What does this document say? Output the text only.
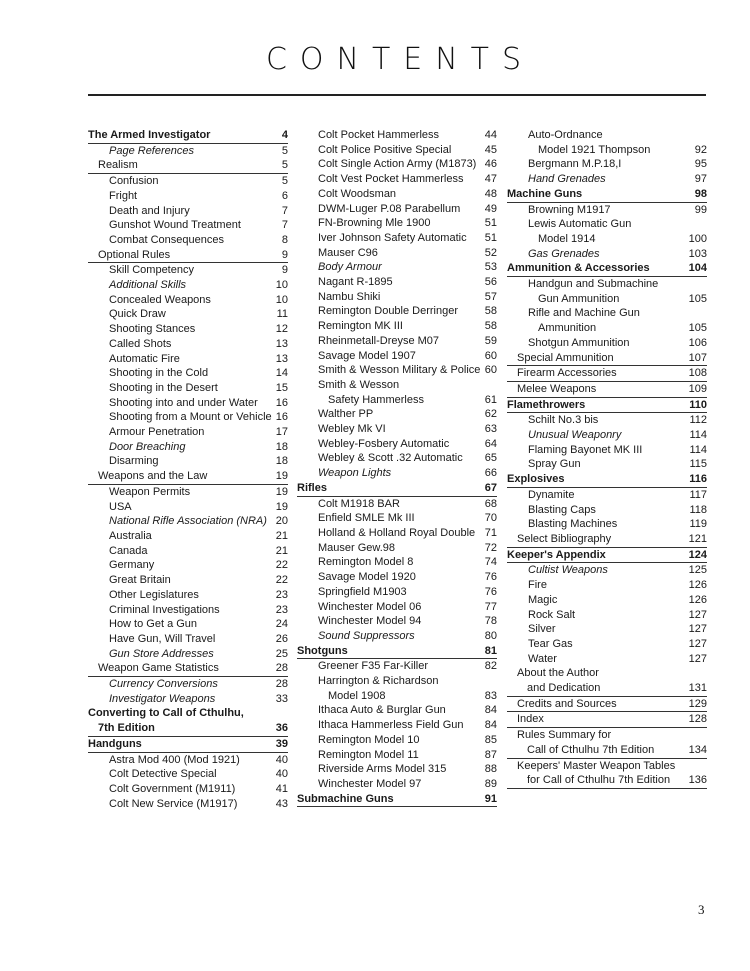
CONTENTS
The Armed Investigator	4
Page References	5
Realism	5
Confusion	5
Fright	6
Death and Injury	7
Gunshot Wound Treatment	7
Combat Consequences	8
Optional Rules	9
Skill Competency	9
Additional Skills	10
Concealed Weapons	10
Quick Draw	11
Shooting Stances	12
Called Shots	13
Automatic Fire	13
Shooting in the Cold	14
Shooting in the Desert	15
Shooting into and under Water	16
Shooting from a Mount or Vehicle 16
Armour Penetration	17
Door Breaching	18
Disarming	18
Weapons and the Law	19
Weapon Permits	19
USA	19
National Rifle Association (NRA) 20
Australia	21
Canada	21
Germany	22
Great Britain	22
Other Legislatures	23
Criminal Investigations	23
How to Get a Gun	24
Have Gun, Will Travel	26
Gun Store Addresses	25
Weapon Game Statistics	28
Currency Conversions	28
Investigator Weapons	33
Converting to Call of Cthulhu,
7th Edition	36
Handguns	39
Astra Mod 400 (Mod 1921)	40
Colt Detective Special	40
Colt Government (M1911)	41
Colt New Service (M1917)	43
Colt Pocket Hammerless	44
Colt Police Positive Special	45
Colt Single Action Army (M1873) 46
Colt Vest Pocket Hammerless	47
Colt Woodsman	48
DWM-Luger P.08 Parabellum	49
FN-Browning Mle 1900	51
Iver Johnson Safety Automatic	51
Mauser C96	52
Body Armour	53
Nagant R-1895	56
Nambu Shiki	57
Remington Double Derringer	58
Remington MK III	58
Rheinmetall-Dreyse M07	59
Savage Model 1907	60
Smith & Wesson Military & Police 60
Smith & Wesson
Safety Hammerless	61
Walther PP	62
Webley Mk VI	63
Webley-Fosbery Automatic	64
Webley & Scott .32 Automatic	65
Weapon Lights	66
Rifles	67
Colt M1918 BAR	68
Enfield SMLE Mk III	70
Holland & Holland Royal Double 71
Mauser Gew.98	72
Remington Model 8	74
Savage Model 1920	76
Springfield M1903	76
Winchester Model 06	77
Winchester Model 94	78
Sound Suppressors	80
Shotguns	81
Greener F35 Far-Killer	82
Harrington & Richardson
Model 1908	83
Ithaca Auto & Burglar Gun	84
Ithaca Hammerless Field Gun	84
Remington Model 10	85
Remington Model 11	87
Riverside Arms Model 315	88
Winchester Model 97	89
Submachine Guns	91
Auto-Ordnance
Model 1921 Thompson	92
Bergmann M.P.18,I	95
Hand Grenades	97
Machine Guns	98
Browning M1917	99
Lewis Automatic Gun
Model 1914	100
Gas Grenades	103
Ammunition & Accessories	104
Handgun and Submachine
Gun Ammunition	105
Rifle and Machine Gun
Ammunition	105
Shotgun Ammunition	106
Special Ammunition	107
Firearm Accessories	108
Melee Weapons	109
Flamethrowers	110
Schilt No.3 bis	112
Unusual Weaponry	114
Flaming Bayonet MK III	114
Spray Gun	115
Explosives	116
Dynamite	117
Blasting Caps	118
Blasting Machines	119
Select Bibliography	121
Keeper's Appendix	124
Cultist Weapons	125
Fire	126
Magic	126
Rock Salt	127
Silver	127
Tear Gas	127
Water	127
About the Author
and Dedication	131
Credits and Sources	129
Index	128
Rules Summary for
Call of Cthulhu 7th Edition	134
Keepers' Master Weapon Tables
for Call of Cthulhu 7th Edition	136
3
